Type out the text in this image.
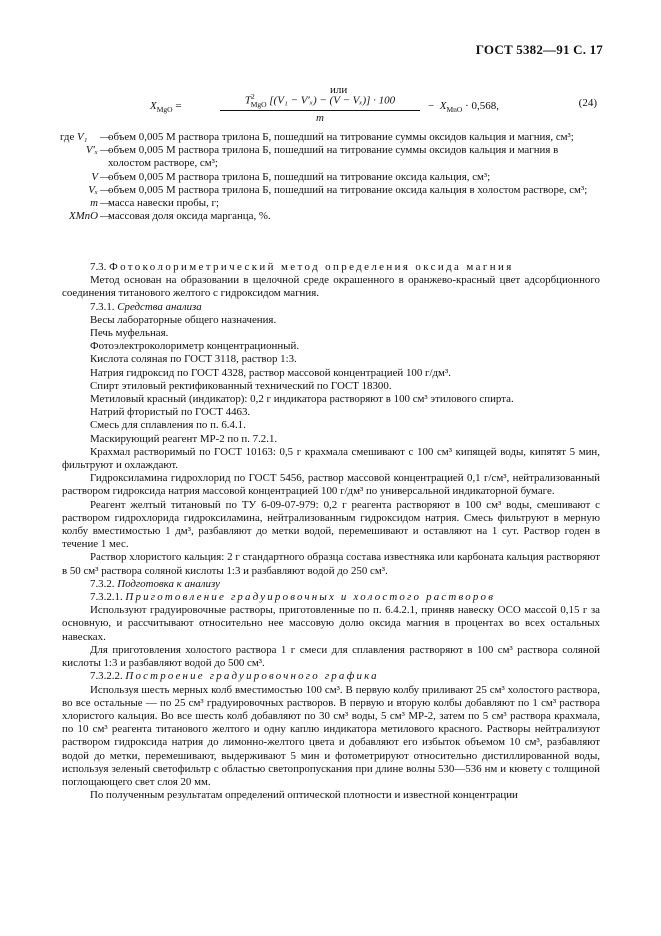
ГОСТ 5382—91 С. 17
или
$X_{MgO}$ =	$T^2_{MgO}$ [(V₁ − V′ₓ) − (V − Vₓ)] · 100
m
− $X_{MnO} \cdot 0,568$,	(24)
где V₁	—
объем 0,005 М раствора трилона Б, пошедший на титрование суммы оксидов кальция и магния, см³;
V′ₓ —
объем 0,005 М раствора трилона Б, пошедший на титрование суммы оксидов кальция и магния в холостом растворе, см³;
V —
объем 0,005 М раствора трилона Б, пошедший на титрование оксида кальция, см³;
Vₓ —
объем 0,005 М раствора трилона Б, пошедший на титрование оксида кальция в холостом растворе, см³;
m —
масса навески пробы, г;
XMnO —
массовая доля оксида марганца, %.

7.3. Фотоколориметрический метод определения оксида магния

Метод основан на образовании в щелочной среде окрашенного в оранжево-красный цвет адсорбционного соединения титанового желтого с гидроксидом магния.

7.3.1. Средства анализа

Весы лабораторные общего назначения.

Печь муфельная.

Фотоэлектроколориметр концентрационный.

Кислота соляная по ГОСТ 3118, раствор 1:3.

Натрия гидроксид по ГОСТ 4328, раствор массовой концентрацией 100 г/дм³.

Спирт этиловый ректификованный технический по ГОСТ 18300.

Метиловый красный (индикатор): 0,2 г индикатора растворяют в 100 см³ этилового спирта.

Натрий фтористый по ГОСТ 4463.

Смесь для сплавления по п. 6.4.1.

Маскирующий реагент МР-2 по п. 7.2.1.

Крахмал растворимый по ГОСТ 10163: 0,5 г крахмала смешивают с 100 см³ кипящей воды, кипятят 5 мин, фильтруют и охлаждают.

Гидроксиламина гидрохлорид по ГОСТ 5456, раствор массовой концентрацией 0,1 г/см³, нейтрализованный раствором гидроксида натрия массовой концентрацией 100 г/дм³ по универсальной индикаторной бумаге.

Реагент желтый титановый по ТУ 6-09-07-979: 0,2 г реагента растворяют в 100 см³ воды, смешивают с раствором гидрохлорида гидроксиламина, нейтрализованным гидроксидом натрия. Смесь фильтруют в мерную колбу вместимостью 1 дм³, разбавляют до метки водой, перемешивают и оставляют на 1 сут. Раствор годен в течение 1 мес.

Раствор хлористого кальция: 2 г стандартного образца состава известняка или карбоната кальция растворяют в 50 см³ раствора соляной кислоты 1:3 и разбавляют водой до 250 см³.

7.3.2. Подготовка к анализу

7.3.2.1. Приготовление градуировочных и холостого растворов

Используют градуировочные растворы, приготовленные по п. 6.4.2.1, приняв навеску ОСО массой 0,15 г за основную, и рассчитывают относительно нее массовую долю оксида магния в процентах во всех остальных навесках.

Для приготовления холостого раствора 1 г смеси для сплавления растворяют в 100 см³ раствора соляной кислоты 1:3 и разбавляют водой до 500 см³.

7.3.2.2. Построение градуировочного графика

Используя шесть мерных колб вместимостью 100 см³. В первую колбу приливают 25 см³ холостого раствора, во все остальные — по 25 см³ градуировочных растворов. В первую и вторую колбы добавляют по 1 см³ раствора хлористого кальция. Во все шесть колб добавляют по 30 см³ воды, 5 см³ МР-2, затем по 5 см³ раствора крахмала, по 10 см³ реагента титанового желтого и одну каплю индикатора метилового красного. Растворы нейтрализуют раствором гидроксида натрия до лимонно-желтого цвета и добавляют его избыток объемом 10 см³, разбавляют водой до метки, перемешивают, выдерживают 5 мин и фотометрируют относительно дистиллированной воды, используя зеленый светофильтр с областью светопропускания при длине волны 530—536 нм и кювету с толщиной поглощающего свет слоя 20 мм.

По полученным результатам определений оптической плотности и известной концентрации
